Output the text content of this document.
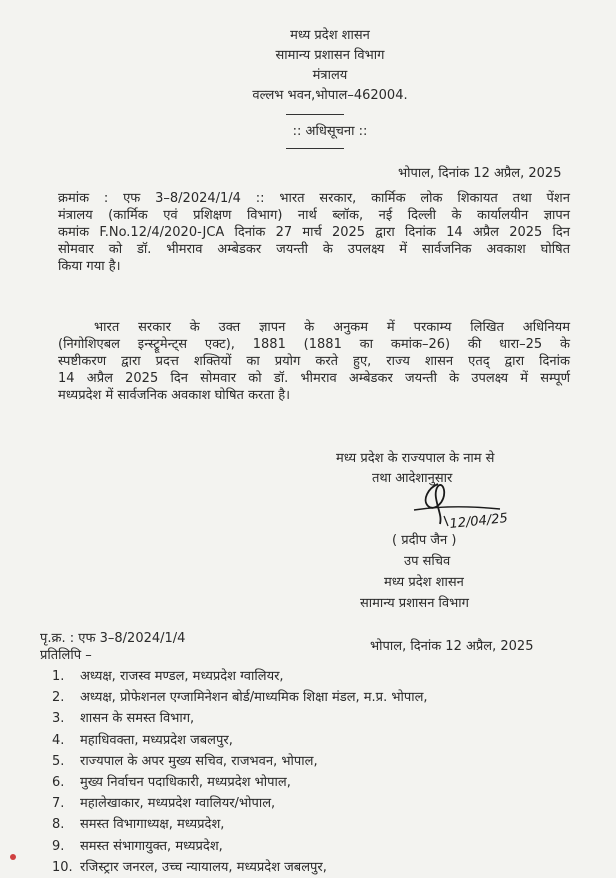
मध्य प्रदेश शासन
सामान्य प्रशासन विभाग
मंत्रालय
वल्लभ भवन,भोपाल–462004.
:: अधिसूचना ::
भोपाल, दिनांक 12 अप्रैल, 2025
क्रमांक : एफ 3–8/2024/1/4 :: भारत सरकार, कार्मिक लोक शिकायत तथा पेंशन
मंत्रालय (कार्मिक एवं प्रशिक्षण विभाग) नार्थ ब्लॉक, नई दिल्ली के कार्यालयीन ज्ञापन
कमांक F.No.12/4/2020-JCA दिनांक 27 मार्च 2025 द्वारा दिनांक 14 अप्रैल 2025 दिन
सोमवार को डॉ. भीमराव अम्बेडकर जयन्ती के उपलक्ष्य में सार्वजनिक अवकाश घोषित
किया गया है।
भारत सरकार के उक्त ज्ञापन के अनुकम में परकाम्य लिखित अधिनियम
(निगोशिएबल इन्स्ट्रूमेन्ट्स एक्ट), 1881 (1881 का कमांक–26) की धारा–25 के
स्पष्टीकरण द्वारा प्रदत्त शक्तियों का प्रयोग करते हुए, राज्य शासन एतद् द्वारा दिनांक
14 अप्रैल 2025 दिन सोमवार को डॉ. भीमराव अम्बेडकर जयन्ती के उपलक्ष्य में सम्पूर्ण
मध्यप्रदेश में सार्वजनिक अवकाश घोषित करता है।
मध्य प्रदेश के राज्यपाल के नाम से
तथा आदेशानुसार
12/04/25
( प्रदीप जैन )
उप सचिव
मध्य प्रदेश शासन
सामान्य प्रशासन विभाग
पृ.क्र. : एफ 3–8/2024/1/4
भोपाल, दिनांक 12 अप्रैल, 2025
प्रतिलिपि –
1. अध्यक्ष, राजस्व मण्डल, मध्यप्रदेश ग्वालियर,
2. अध्यक्ष, प्रोफेशनल एग्जामिनेशन बोर्ड/माध्यमिक शिक्षा मंडल, म.प्र. भोपाल,
3. शासन के समस्त विभाग,
4. महाधिवक्ता, मध्यप्रदेश जबलपुर,
5. राज्यपाल के अपर मुख्य सचिव, राजभवन, भोपाल,
6. मुख्य निर्वाचन पदाधिकारी, मध्यप्रदेश भोपाल,
7. महालेखाकार, मध्यप्रदेश ग्वालियर/भोपाल,
8. समस्त विभागाध्यक्ष, मध्यप्रदेश,
9. समस्त संभागायुक्त, मध्यप्रदेश,
10. रजिस्ट्रार जनरल, उच्च न्यायालय, मध्यप्रदेश जबलपुर,
